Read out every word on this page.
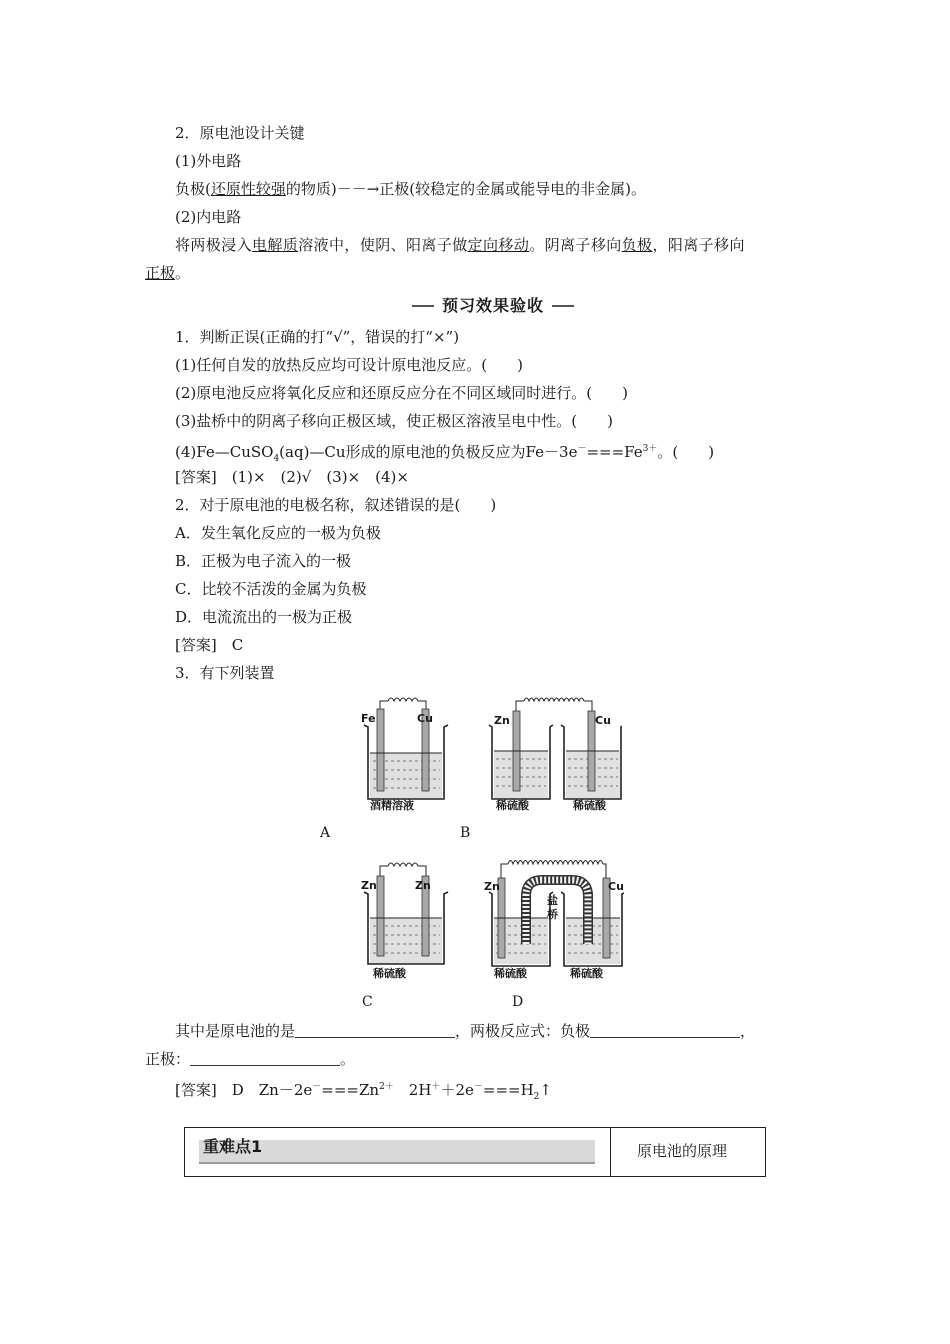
2．原电池设计关键
(1)外电路
负极(还原性较强的物质)－－→正极(较稳定的金属或能导电的非金属)。
(2)内电路
将两极浸入电解质溶液中，使阴、阳离子做定向移动。阴离子移向负极，阳离子移向
正极。
预习效果验收
1．判断正误(正确的打“√”，错误的打“×”)
(1)任何自发的放热反应均可设计原电池反应。(　　)
(2)原电池反应将氧化反应和还原反应分在不同区域同时进行。(　　)
(3)盐桥中的阴离子移向正极区域，使正极区溶液呈电中性。(　　)
(4)Fe—CuSO$_4$(aq)—Cu形成的原电池的负极反应为$Fe-3e^-===Fe^{3+}$。(　　)
[答案]　(1)×　(2)√　(3)×　(4)×
2．对于原电池的电极名称，叙述错误的是(　　)
A．发生氧化反应的一极为负极
B．正极为电子流入的一极
C．比较不活泼的金属为负极
D．电流流出的一极为正极
[答案]　C
3．有下列装置
Fe	Cu
酒精溶液
A
Zn	Cu
稀硫酸	稀硫酸
B
Zn	Zn
稀硫酸
C
Zn	Cu
盐
桥
稀硫酸	稀硫酸
D
其中是原电池的是	，两极反应式：负极	，
正极：	。
[答案]　D　$Zn-2e^-===Zn^{2+}$　$2H^++2e^-===H_2↑$
重难点1	原电池的原理
